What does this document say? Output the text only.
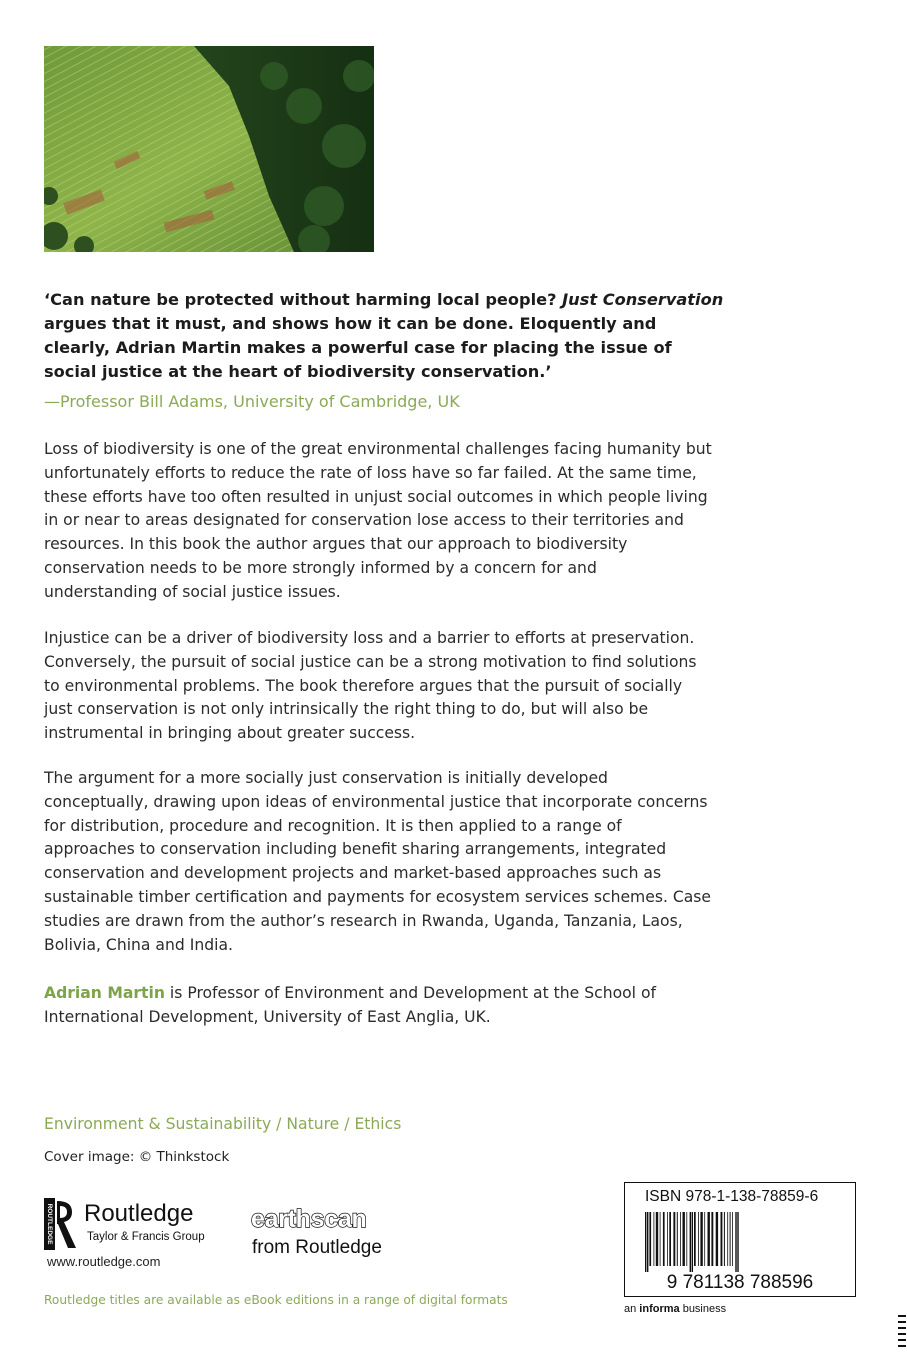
‘Can nature be protected without harming local people? Just Conservation argues that it must, and shows how it can be done. Eloquently and clearly, Adrian Martin makes a powerful case for placing the issue of social justice at the heart of biodiversity conservation.’
—Professor Bill Adams, University of Cambridge, UK

Loss of biodiversity is one of the great environmental challenges facing humanity but unfortunately efforts to reduce the rate of loss have so far failed. At the same time, these efforts have too often resulted in unjust social outcomes in which people living in or near to areas designated for conservation lose access to their territories and resources. In this book the author argues that our approach to biodiversity conservation needs to be more strongly informed by a concern for and understanding of social justice issues.

Injustice can be a driver of biodiversity loss and a barrier to efforts at preservation. Conversely, the pursuit of social justice can be a strong motivation to find solutions to environmental problems. The book therefore argues that the pursuit of socially just conservation is not only intrinsically the right thing to do, but will also be instrumental in bringing about greater success.

The argument for a more socially just conservation is initially developed conceptually, drawing upon ideas of environmental justice that incorporate concerns for distribution, procedure and recognition. It is then applied to a range of approaches to conservation including benefit sharing arrangements, integrated conservation and development projects and market-based approaches such as sustainable timber certification and payments for ecosystem services schemes. Case studies are drawn from the author’s research in Rwanda, Uganda, Tanzania, Laos, Bolivia, China and India.

Adrian Martin is Professor of Environment and Development at the School of International Development, University of East Anglia, UK.

Environment & Sustainability / Nature / Ethics
Cover image: © Thinkstock
ROUTLEDGE Routledge
Taylor & Francis Group
earthscan
from Routledge
www.routledge.com
Routledge titles are available as eBook editions in a range of digital formats
ISBN 978-1-138-78859-6
9 781138 788596
an informa business
